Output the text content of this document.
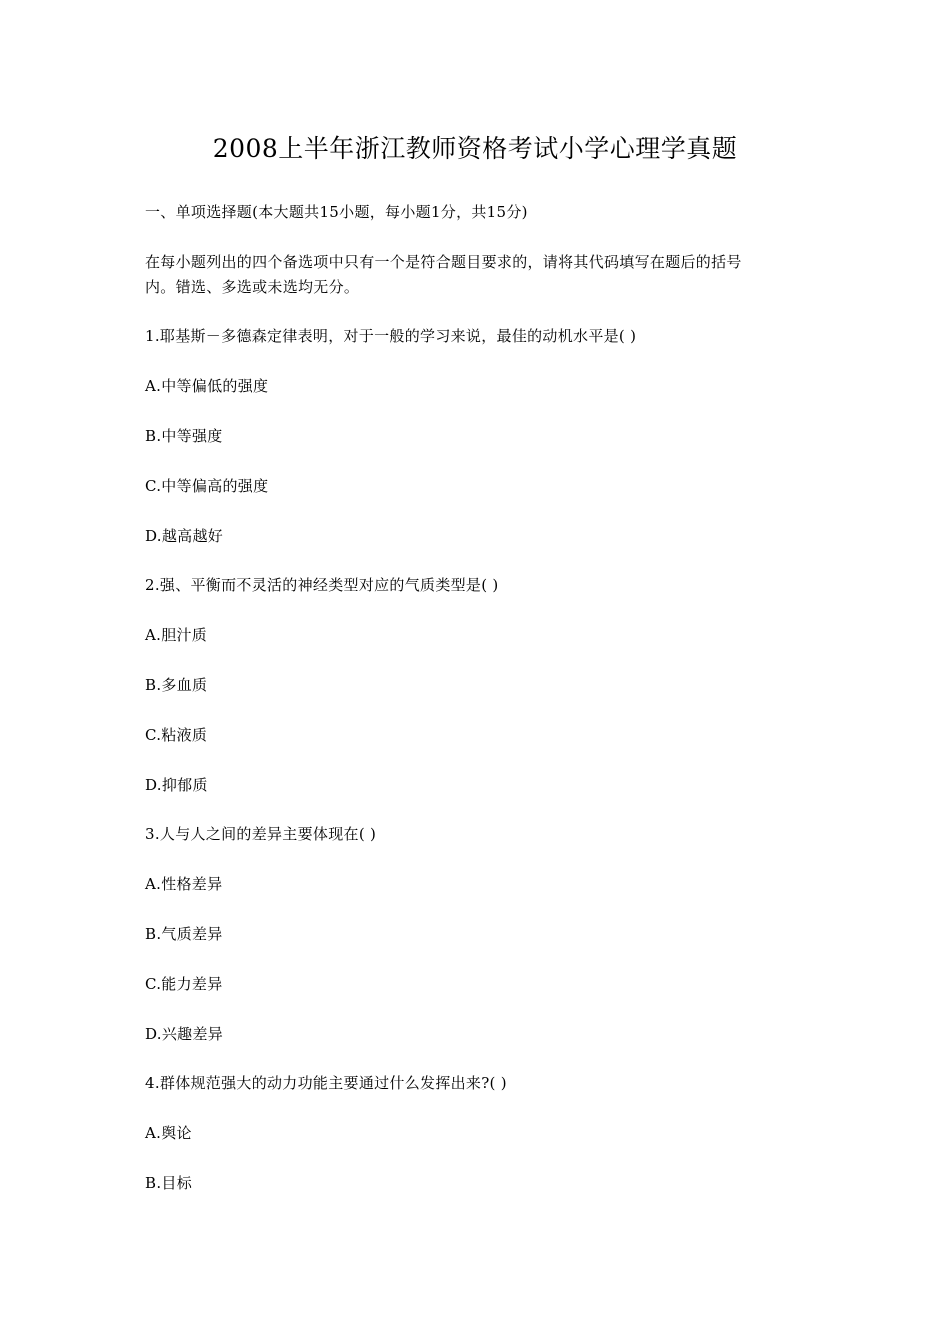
2008上半年浙江教师资格考试小学心理学真题
一、单项选择题(本大题共15小题，每小题1分，共15分)
在每小题列出的四个备选项中只有一个是符合题目要求的，请将其代码填写在题后的括号
内。错选、多选或未选均无分。
1.耶基斯－多德森定律表明，对于一般的学习来说，最佳的动机水平是( )
A.中等偏低的强度
B.中等强度
C.中等偏高的强度
D.越高越好
2.强、平衡而不灵活的神经类型对应的气质类型是( )
A.胆汁质
B.多血质
C.粘液质
D.抑郁质
3.人与人之间的差异主要体现在( )
A.性格差异
B.气质差异
C.能力差异
D.兴趣差异
4.群体规范强大的动力功能主要通过什么发挥出来?( )
A.舆论
B.目标
